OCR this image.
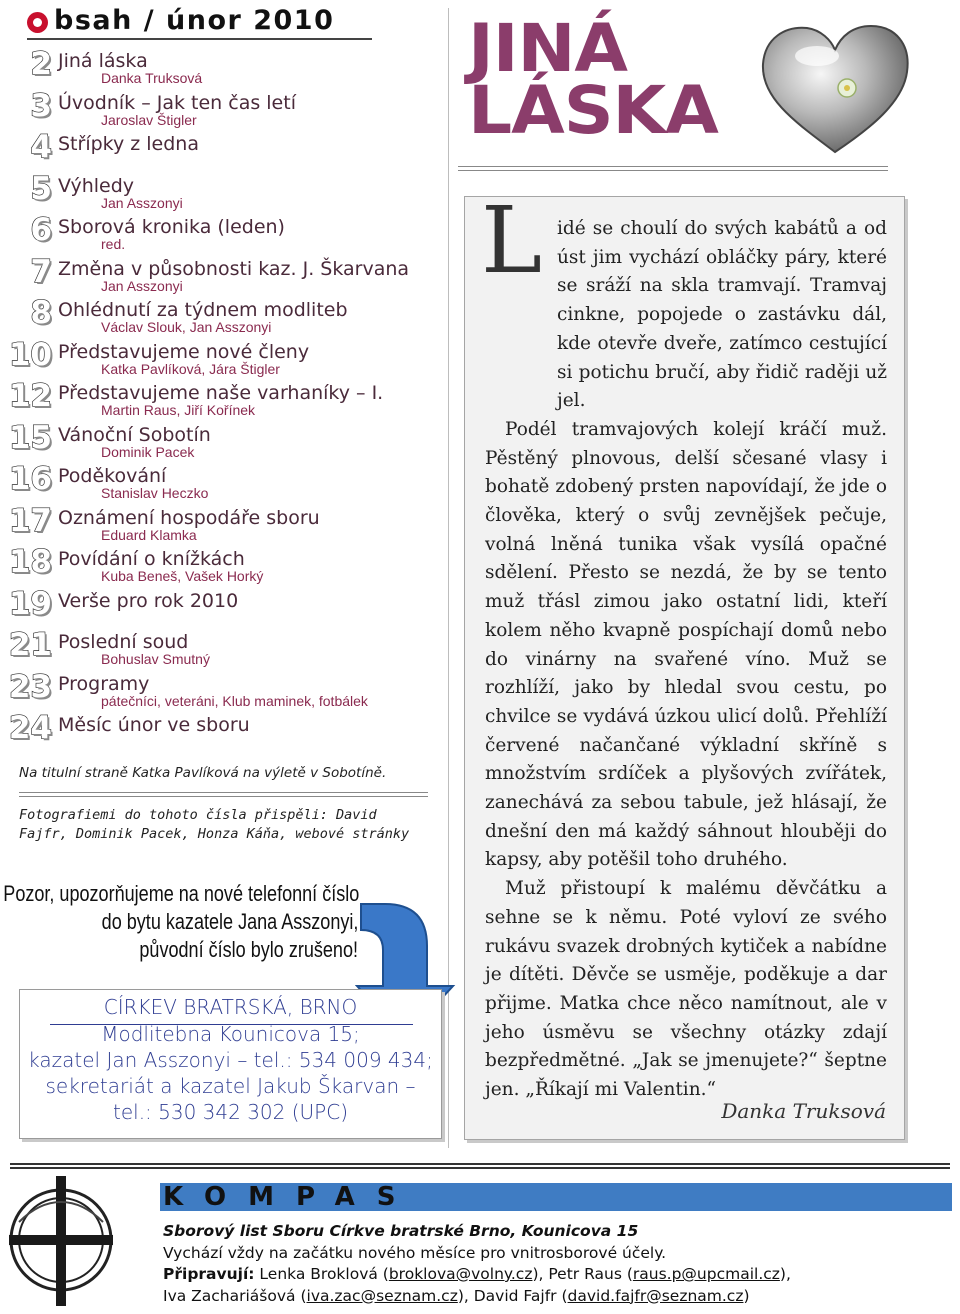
bsah / únor 2010
2 Jiná láska
Danka Truksová
3 Úvodník – Jak ten čas letí
Jaroslav Štigler
4 Střípky z ledna
5 Výhledy
Jan Asszonyi
6 Sborová kronika (leden)
red.
7 Změna v působnosti kaz. J. Škarvana
Jan Asszonyi
8 Ohlédnutí za týdnem modliteb
Václav Slouk, Jan Asszonyi
10 Představujeme nové členy
Katka Pavlíková, Jára Štigler
12 Představujeme naše varhaníky – I.
Martin Raus, Jiří Kořínek
15 Vánoční Sobotín
Dominik Pacek
16 Poděkování
Stanislav Heczko
17 Oznámení hospodáře sboru
Eduard Klamka
18 Povídání o knížkách
Kuba Beneš, Vašek Horký
19 Verše pro rok 2010
21 Poslední soud
Bohuslav Smutný
23 Programy
pátečníci, veteráni, Klub maminek, fotbálek
24 Měsíc únor ve sboru
Na titulní straně Katka Pavlíková na výletě v Sobotíně.
Fotografiemi do tohoto čísla přispěli: David Fajfr, Dominik Pacek, Honza Káňa, webové stránky
Pozor, upozorňujeme na nové telefonní číslo
do bytu kazatele Jana Asszonyi,
původní číslo bylo zrušeno!
CÍRKEV BRATRSKÁ, BRNO
Modlitebna Kounicova 15;
kazatel Jan Asszonyi – tel.: 534 009 434;
sekretariát a kazatel Jakub Škarvan –
tel.: 530 342 302 (UPC)
JINÁ
LÁSKA
L idé se choulí do svých kabátů a od úst jim vychází obláčky páry, které se sráží na skla tramvají. Tramvaj cinkne, popojede o zastávku dál, kde otevře dveře, zatímco cestující si potichu bručí, aby řidič raději už jel.

Podél tramvajových kolejí kráčí muž. Pěstěný plnovous, delší sčesané vlasy i bohatě zdobený prsten napovídají, že jde o člověka, který o svůj zevnějšek pečuje, volná lněná tunika však vysílá opačné sdělení. Přesto se nezdá, že by se tento muž třásl zimou jako ostatní lidi, kteří kolem něho kvapně pospíchají domů nebo do vinárny na svařené víno. Muž se rozhlíží, jako by hledal svou cestu, po chvilce se vydává úzkou ulicí dolů. Přehlíží červené načančané výkladní skříně s množstvím srdíček a plyšových zvířátek, zanechává za sebou tabule, jež hlásají, že dnešní den má každý sáhnout hlouběji do kapsy, aby potěšil toho druhého.

Muž přistoupí k malému děvčátku a sehne se k němu. Poté vyloví ze svého rukávu svazek drobných kytiček a nabídne je dítěti. Děvče se usměje, poděkuje a dar přijme. Matka chce něco namítnout, ale v jeho úsměvu se všechny otázky zdají bezpředmětné. „Jak se jmenujete?“ šeptne jen. „Říkají mi Valentin.“

Danka Truksová
KOMPAS
Sborový list Sboru Církve bratrské Brno, Kounicova 15
Vychází vždy na začátku nového měsíce pro vnitrosborové účely.
Připravují: Lenka Broklová (broklova@volny.cz), Petr Raus (raus.p@upcmail.cz),
Iva Zachariášová (iva.zac@seznam.cz), David Fajfr (david.fajfr@seznam.cz)
